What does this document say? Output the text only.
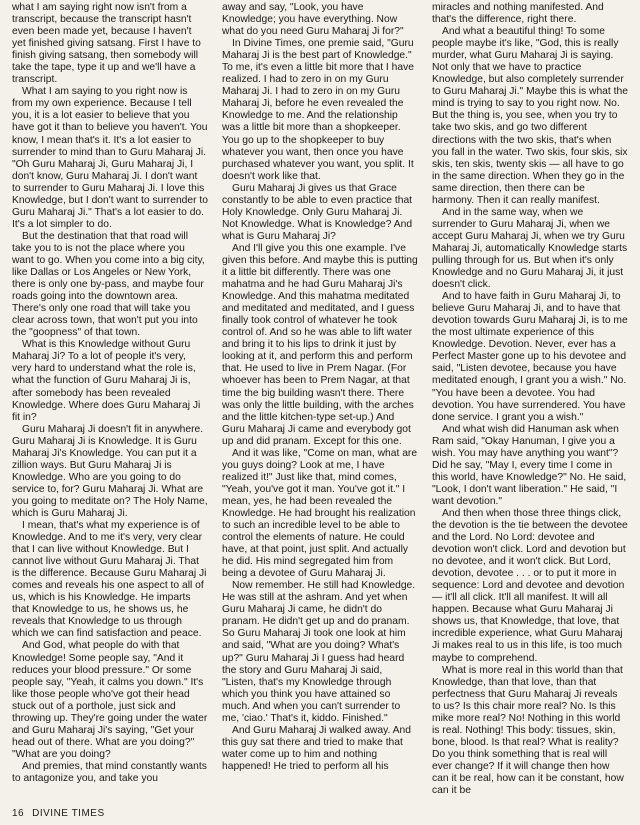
what I am saying right now isn't from a transcript, because the transcript hasn't even been made yet, because I haven't yet finished giving satsang. First I have to finish giving satsang, then somebody will take the tape, type it up and we'll have a transcript.

What I am saying to you right now is from my own experience. Because I tell you, it is a lot easier to believe that you have got it than to believe you haven't. You know, I mean that's it. It's a lot easier to surrender to mind than to Guru Maharaj Ji. "Oh Guru Maharaj Ji, Guru Maharaj Ji, I don't know, Guru Maharaj Ji. I don't want to surrender to Guru Maharaj Ji. I love this Knowledge, but I don't want to surrender to Guru Maharaj Ji." That's a lot easier to do. It's a lot simpler to do.

But the destination that that road will take you to is not the place where you want to go. When you come into a big city, like Dallas or Los Angeles or New York, there is only one by-pass, and maybe four roads going into the downtown area. There's only one road that will take you clear across town, that won't put you into the "goopness" of that town.

What is this Knowledge without Guru Maharaj Ji? To a lot of people it's very, very hard to understand what the role is, what the function of Guru Maharaj Ji is, after somebody has been revealed Knowledge. Where does Guru Maharaj Ji fit in?

Guru Maharaj Ji doesn't fit in anywhere. Guru Maharaj Ji is Knowledge. It is Guru Maharaj Ji's Knowledge. You can put it a zillion ways. But Guru Maharaj Ji is Knowledge. Who are you going to do service to, for? Guru Maharaj Ji. What are you going to meditate on? The Holy Name, which is Guru Maharaj Ji.

I mean, that's what my experience is of Knowledge. And to me it's very, very clear that I can live without Knowledge. But I cannot live without Guru Maharaj Ji. That is the difference. Because Guru Maharaj Ji comes and reveals his one aspect to all of us, which is his Knowledge. He imparts that Knowledge to us, he shows us, he reveals that Knowledge to us through which we can find satisfaction and peace.

And God, what people do with that Knowledge! Some people say, "And it reduces your blood pressure." Or some people say, "Yeah, it calms you down." It's like those people who've got their head stuck out of a porthole, just sick and throwing up. They're going under the water and Guru Maharaj Ji's saying, "Get your head out of there. What are you doing?" "What are you doing?

And premies, that mind constantly wants to antagonize you, and take you

away and say, "Look, you have Knowledge; you have everything. Now what do you need Guru Maharaj Ji for?"

In Divine Times, one premie said, "Guru Maharaj Ji is the best part of Knowledge." To me, it's even a little bit more that I have realized. I had to zero in on my Guru Maharaj Ji. I had to zero in on my Guru Maharaj Ji, before he even revealed the Knowledge to me. And the relationship was a little bit more than a shopkeeper. You go up to the shopkeeper to buy whatever you want, then once you have purchased whatever you want, you split. It doesn't work like that.

Guru Maharaj Ji gives us that Grace constantly to be able to even practice that Holy Knowledge. Only Guru Maharaj Ji. Not Knowledge. What is Knowledge? And what is Guru Maharaj Ji?

And I'll give you this one example. I've given this before. And maybe this is putting it a little bit differently. There was one mahatma and he had Guru Maharaj Ji's Knowledge. And this mahatma meditated and meditated and meditated, and I guess finally took control of whatever he took control of. And so he was able to lift water and bring it to his lips to drink it just by looking at it, and perform this and perform that. He used to live in Prem Nagar. (For whoever has been to Prem Nagar, at that time the big building wasn't there. There was only the little building, with the arches and the little kitchen-type set-up.) And Guru Maharaj Ji came and everybody got up and did pranam. Except for this one.

And it was like, "Come on man, what are you guys doing? Look at me, I have realized it!" Just like that, mind comes, "Yeah, you've got it man. You've got it." I mean, yes, he had been revealed the Knowledge. He had brought his realization to such an incredible level to be able to control the elements of nature. He could have, at that point, just split. And actually he did. His mind segregated him from being a devotee of Guru Maharaj Ji.

Now remember. He still had Knowledge. He was still at the ashram. And yet when Guru Maharaj Ji came, he didn't do pranam. He didn't get up and do pranam. So Guru Maharaj Ji took one look at him and said, "What are you doing? What's up?" Guru Maharaj Ji I guess had heard the story and Guru Maharaj Ji said, "Listen, that's my Knowledge through which you think you have attained so much. And when you can't surrender to me, 'ciao.' That's it, kiddo. Finished."

And Guru Maharaj Ji walked away. And this guy sat there and tried to make that water come up to him and nothing happened! He tried to perform all his

miracles and nothing manifested. And that's the difference, right there.

And what a beautiful thing! To some people maybe it's like, "God, this is really murder, what Guru Maharaj Ji is saying. Not only that we have to practice Knowledge, but also completely surrender to Guru Maharaj Ji." Maybe this is what the mind is trying to say to you right now. No. But the thing is, you see, when you try to take two skis, and go two different directions with the two skis, that's when you fall in the water. Two skis, four skis, six skis, ten skis, twenty skis — all have to go in the same direction. When they go in the same direction, then there can be harmony. Then it can really manifest.

And in the same way, when we surrender to Guru Maharaj Ji, when we accept Guru Maharaj Ji, when we try Guru Maharaj Ji, automatically Knowledge starts pulling through for us. But when it's only Knowledge and no Guru Maharaj Ji, it just doesn't click.

And to have faith in Guru Maharaj Ji, to believe Guru Maharaj Ji, and to have that devotion towards Guru Maharaj Ji, is to me the most ultimate experience of this Knowledge. Devotion. Never, ever has a Perfect Master gone up to his devotee and said, "Listen devotee, because you have meditated enough, I grant you a wish." No. "You have been a devotee. You had devotion. You have surrendered. You have done service. I grant you a wish."

And what wish did Hanuman ask when Ram said, "Okay Hanuman, I give you a wish. You may have anything you want"? Did he say, "May I, every time I come in this world, have Knowledge?" No. He said, "Look, I don't want liberation." He said, "I want devotion."

And then when those three things click, the devotion is the tie between the devotee and the Lord. No Lord: devotee and devotion won't click. Lord and devotion but no devotee, and it won't click. But Lord, devotion, devotee . . . or to put it more in sequence: Lord and devotee and devotion — it'll all click. It'll all manifest. It will all happen. Because what Guru Maharaj Ji shows us, that Knowledge, that love, that incredible experience, what Guru Maharaj Ji makes real to us in this life, is too much maybe to comprehend.

What is more real in this world than that Knowledge, than that love, than that perfectness that Guru Maharaj Ji reveals to us? Is this chair more real? No. Is this mike more real? No! Nothing in this world is real. Nothing! This body: tissues, skin, bone, blood. Is that real? What is reality? Do you think something that is real will ever change? If it will change then how can it be real, how can it be constant, how can it be

16 DIVINE TIMES
